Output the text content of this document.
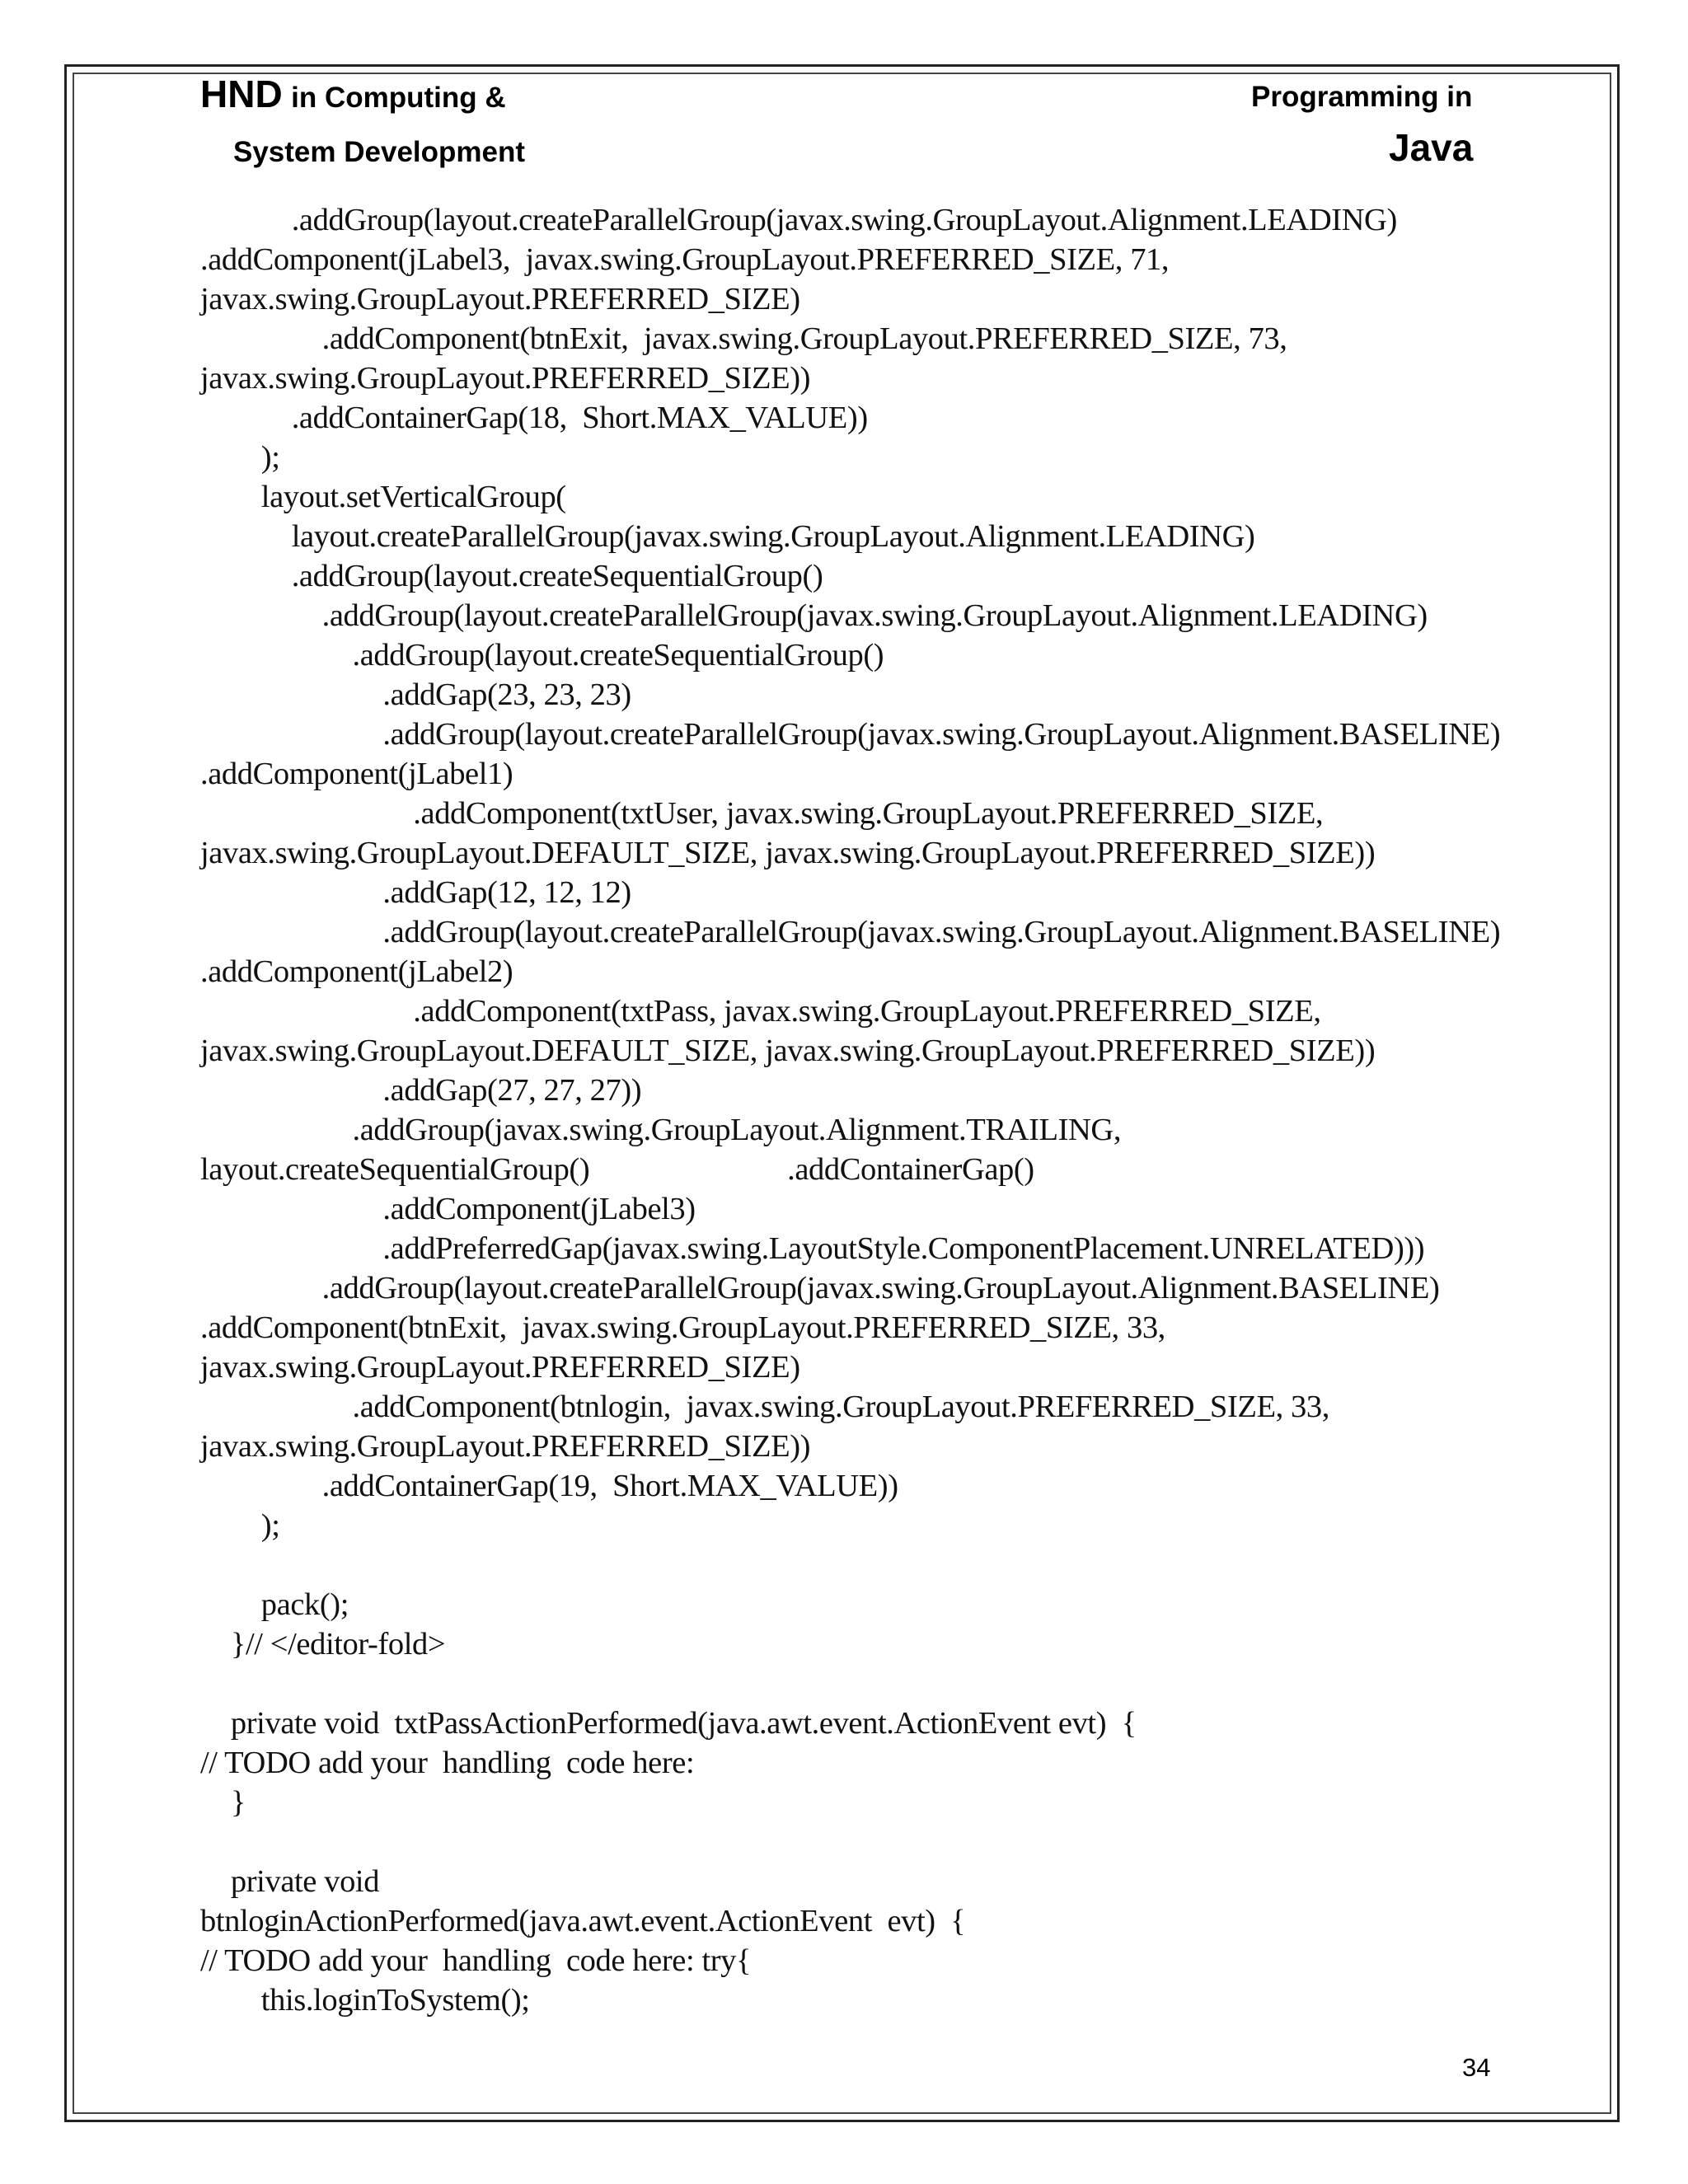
HND in Computing &
System Development
Programming in
Java
.addGroup(layout.createParallelGroup(javax.swing.GroupLayout.Alignment.LEADING)
.addComponent(jLabel3,  javax.swing.GroupLayout.PREFERRED_SIZE, 71,
javax.swing.GroupLayout.PREFERRED_SIZE)
.addComponent(btnExit,  javax.swing.GroupLayout.PREFERRED_SIZE, 73,
javax.swing.GroupLayout.PREFERRED_SIZE))
.addContainerGap(18,  Short.MAX_VALUE))
);
layout.setVerticalGroup(
layout.createParallelGroup(javax.swing.GroupLayout.Alignment.LEADING)
.addGroup(layout.createSequentialGroup()
.addGroup(layout.createParallelGroup(javax.swing.GroupLayout.Alignment.LEADING)
.addGroup(layout.createSequentialGroup()
.addGap(23, 23, 23)
.addGroup(layout.createParallelGroup(javax.swing.GroupLayout.Alignment.BASELINE)
.addComponent(jLabel1)
.addComponent(txtUser, javax.swing.GroupLayout.PREFERRED_SIZE,
javax.swing.GroupLayout.DEFAULT_SIZE, javax.swing.GroupLayout.PREFERRED_SIZE))
.addGap(12, 12, 12)
.addGroup(layout.createParallelGroup(javax.swing.GroupLayout.Alignment.BASELINE)
.addComponent(jLabel2)
.addComponent(txtPass, javax.swing.GroupLayout.PREFERRED_SIZE,
javax.swing.GroupLayout.DEFAULT_SIZE, javax.swing.GroupLayout.PREFERRED_SIZE))
.addGap(27, 27, 27))
.addGroup(javax.swing.GroupLayout.Alignment.TRAILING,
layout.createSequentialGroup()                          .addContainerGap()
.addComponent(jLabel3)
.addPreferredGap(javax.swing.LayoutStyle.ComponentPlacement.UNRELATED)))
.addGroup(layout.createParallelGroup(javax.swing.GroupLayout.Alignment.BASELINE)
.addComponent(btnExit,  javax.swing.GroupLayout.PREFERRED_SIZE, 33,
javax.swing.GroupLayout.PREFERRED_SIZE)
.addComponent(btnlogin,  javax.swing.GroupLayout.PREFERRED_SIZE, 33,
javax.swing.GroupLayout.PREFERRED_SIZE))
.addContainerGap(19,  Short.MAX_VALUE))
);
pack();
}// </editor-fold>
private void  txtPassActionPerformed(java.awt.event.ActionEvent evt)  {
// TODO add your  handling  code here:
}
private void
btnloginActionPerformed(java.awt.event.ActionEvent  evt)  {
// TODO add your  handling  code here: try{
this.loginToSystem();
34
